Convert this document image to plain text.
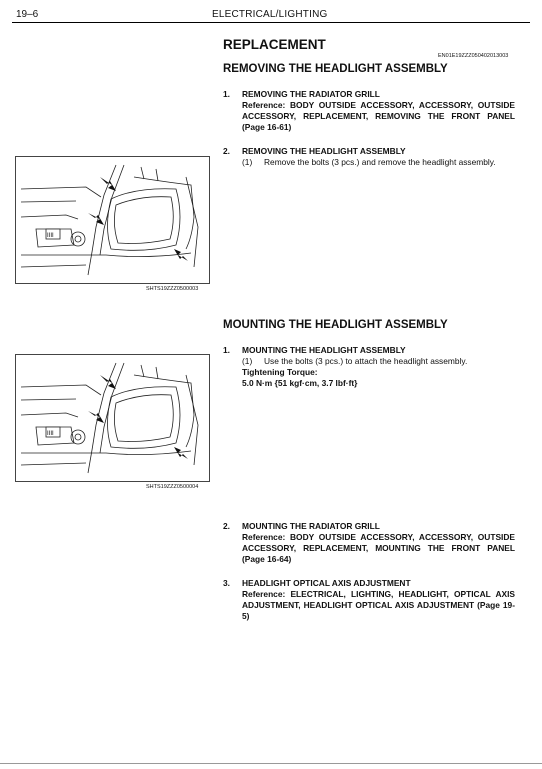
19–6	ELECTRICAL/LIGHTING
REPLACEMENT
EN01E19ZZZ050402013003
REMOVING THE HEADLIGHT ASSEMBLY
1. REMOVING THE RADIATOR GRILL
Reference: BODY OUTSIDE ACCESSORY, ACCESSORY, OUTSIDE ACCESSORY, REPLACEMENT, REMOVING THE FRONT PANEL (Page 16-61)
2. REMOVING THE HEADLIGHT ASSEMBLY
(1) Remove the bolts (3 pcs.) and remove the headlight assembly.
IIII
SHTS19ZZZ0500003
MOUNTING THE HEADLIGHT ASSEMBLY
1. MOUNTING THE HEADLIGHT ASSEMBLY
(1) Use the bolts (3 pcs.) to attach the headlight assembly.
Tightening Torque:
5.0 N·m {51 kgf·cm, 3.7 lbf·ft}
IIII
SHTS19ZZZ0500004
2. MOUNTING THE RADIATOR GRILL
Reference: BODY OUTSIDE ACCESSORY, ACCESSORY, OUTSIDE ACCESSORY, REPLACEMENT, MOUNTING THE FRONT PANEL (Page 16-64)
3. HEADLIGHT OPTICAL AXIS ADJUSTMENT
Reference: ELECTRICAL, LIGHTING, HEADLIGHT, OPTICAL AXIS ADJUSTMENT, HEADLIGHT OPTICAL AXIS ADJUSTMENT (Page 19-5)
